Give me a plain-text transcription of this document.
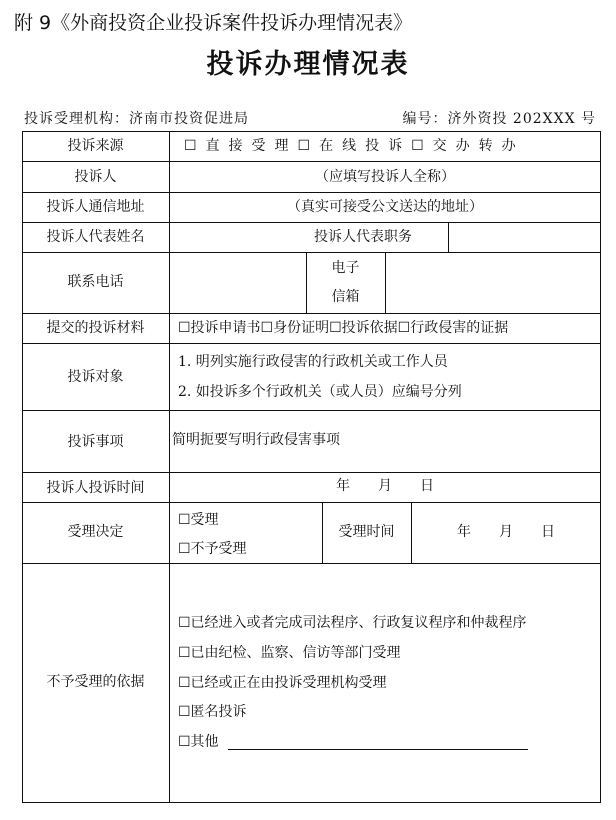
附 9《外商投资企业投诉案件投诉办理情况表》
投诉办理情况表
投诉受理机构：济南市投资促进局	编号：济外资投 202XXX 号
投诉来源
投诉人
投诉人通信地址
投诉人代表姓名
联系电话
提交的投诉材料
投诉对象
投诉事项
投诉人投诉时间
受理决定
不予受理的依据
☐直接受理☐在线投诉☐交办转办
（应填写投诉人全称）
（真实可接受公文送达的地址）
投诉人代表职务
电子
信箱
☐投诉申请书☐身份证明☐投诉依据☐行政侵害的证据
1. 明列实施行政侵害的行政机关或工作人员
2. 如投诉多个行政机关（或人员）应编号分列
简明扼要写明行政侵害事项
年　　月　　日
☐受理
☐不予受理
受理时间	年　　月　　日
☐已经进入或者完成司法程序、行政复议程序和仲裁程序
☐已由纪检、监察、信访等部门受理
☐已经或正在由投诉受理机构受理
☐匿名投诉
☐其他
